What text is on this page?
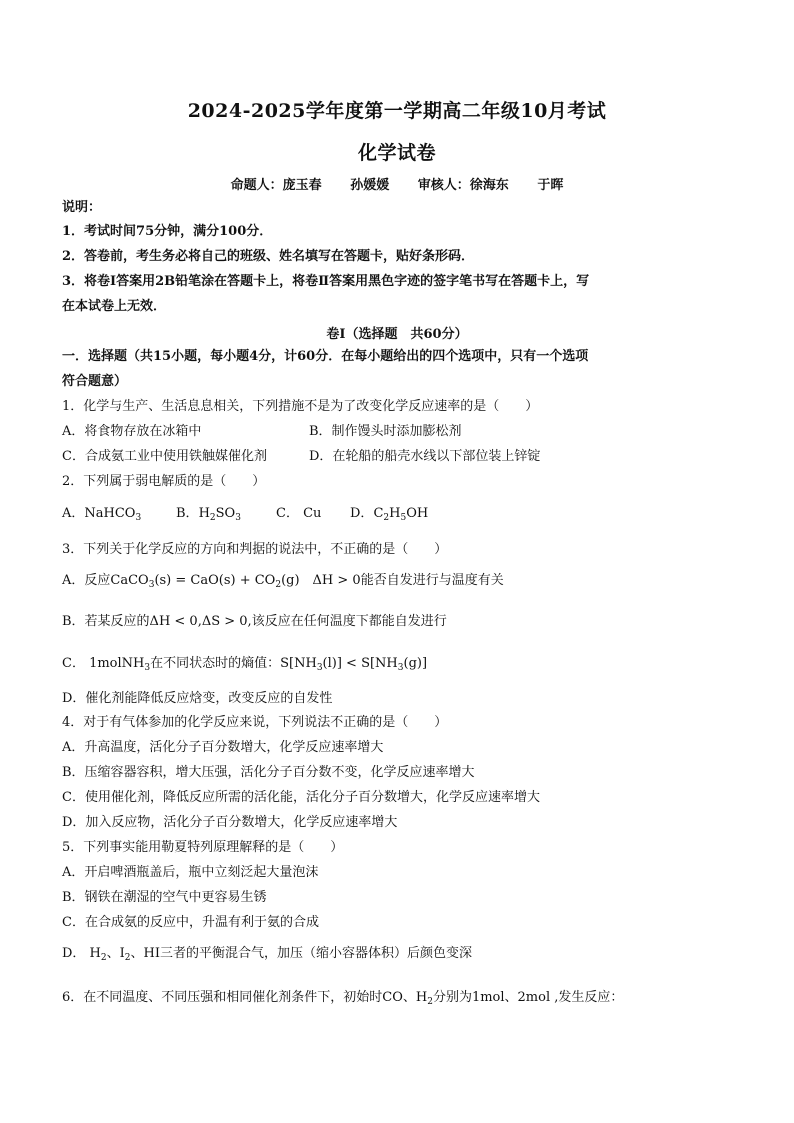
2024-2025学年度第一学期高二年级10月考试
化学试卷
命题人：庞玉春 孙媛媛 审核人：徐海东 于晖
说明：
1．考试时间75分钟，满分100分．
2．答卷前，考生务必将自己的班级、姓名填写在答题卡，贴好条形码．
3．将卷Ⅰ答案用2B铅笔涂在答题卡上，将卷Ⅱ答案用黑色字迹的签字笔书写在答题卡上，写
在本试卷上无效．
卷Ⅰ（选择题　共60分）
一．选择题（共15小题，每小题4分，计60分．在每小题给出的四个选项中，只有一个选项
符合题意）
1．化学与生产、生活息息相关，下列措施不是为了改变化学反应速率的是（　　）
A．将食物存放在冰箱中	B．制作馒头时添加膨松剂
C．合成氨工业中使用铁触媒催化剂	D．在轮船的船壳水线以下部位装上锌锭
2．下列属于弱电解质的是（　　）
A．NaHCO$_3$	B．$H_2SO_3$	C． Cu D．$C_2H_5OH$
3．下列关于化学反应的方向和判据的说法中，不正确的是（　　）
A．反应CaCO$_3$(s) = $CaO(s) + CO_2(g)$　ΔH > 0能否自发进行与温度有关
B．若某反应的ΔH < 0,ΔS > 0,该反应在任何温度下都能自发进行
C． 1molNH$_3$在不同状态时的熵值：$S[NH_3(l)] < S[NH_3(g)]$
D．催化剂能降低反应焓变，改变反应的自发性
4．对于有气体参加的化学反应来说，下列说法不正确的是（　　）
A．升高温度，活化分子百分数增大，化学反应速率增大
B．压缩容器容积，增大压强，活化分子百分数不变，化学反应速率增大
C．使用催化剂，降低反应所需的活化能，活化分子百分数增大，化学反应速率增大
D．加入反应物，活化分子百分数增大，化学反应速率增大
5．下列事实能用勒夏特列原理解释的是（　　）
A．开启啤酒瓶盖后，瓶中立刻泛起大量泡沫
B．钢铁在潮湿的空气中更容易生锈
C．在合成氨的反应中，升温有利于氨的合成
D． $H_2$、$I_2$、HI三者的平衡混合气，加压（缩小容器体积）后颜色变深
6．在不同温度、不同压强和相同催化剂条件下，初始时CO、$H_2$分别为1mol、2mol ,发生反应：
